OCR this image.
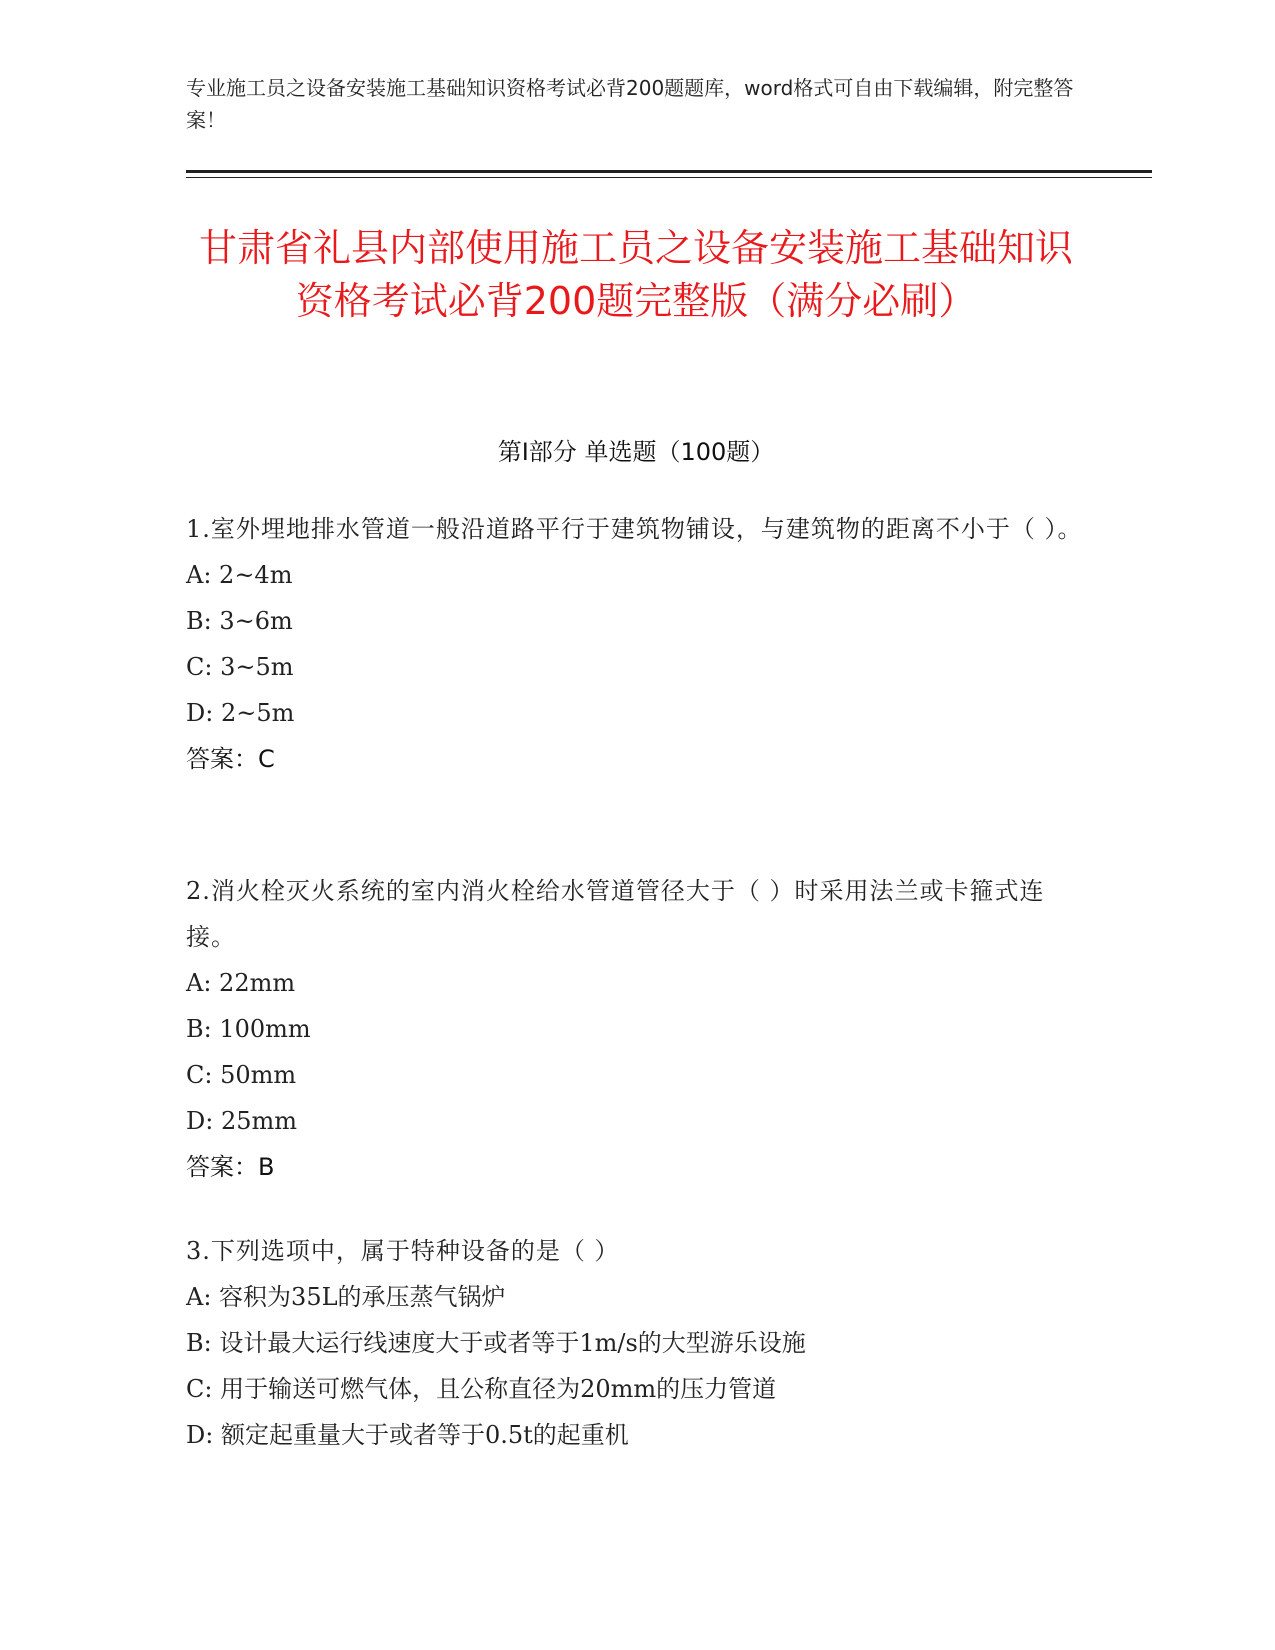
专业施工员之设备安装施工基础知识资格考试必背200题题库，word格式可自由下载编辑，附完整答案！

甘肃省礼县内部使用施工员之设备安装施工基础知识资格考试必背200题完整版（满分必刷）
第Ⅰ部分 单选题（100题）

1.室外埋地排水管道一般沿道路平行于建筑物铺设，与建筑物的距离不小于（ ）。

A: 2~4m

B: 3~6m

C: 3~5m

D: 2~5m

答案：C

2.消火栓灭火系统的室内消火栓给水管道管径大于（ ）时采用法兰或卡箍式连接。

A: 22mm

B: 100mm

C: 50mm

D: 25mm

答案：B

3.下列选项中，属于特种设备的是（ ）

A: 容积为35L的承压蒸气锅炉

B: 设计最大运行线速度大于或者等于1m/s的大型游乐设施

C: 用于输送可燃气体，且公称直径为20mm的压力管道

D: 额定起重量大于或者等于0.5t的起重机
